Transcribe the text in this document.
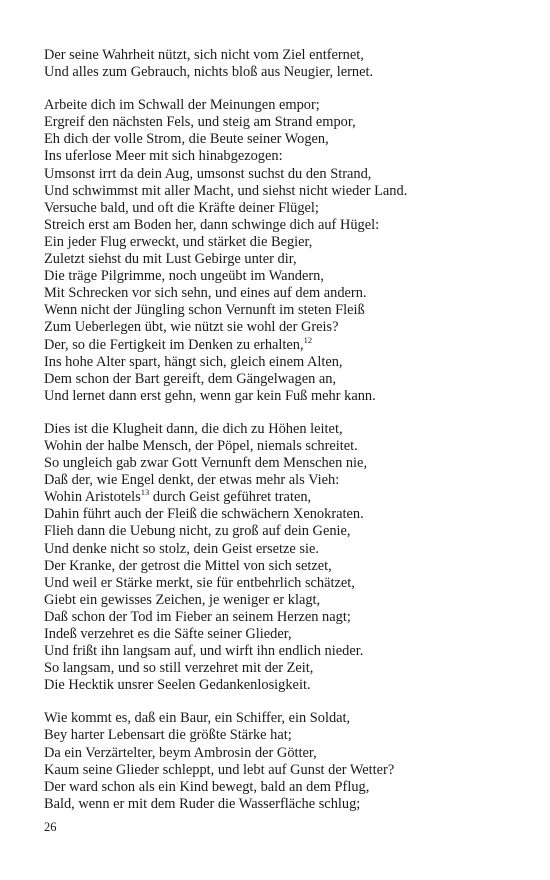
Der seine Wahrheit nützt, sich nicht vom Ziel entfernet,
Und alles zum Gebrauch, nichts bloß aus Neugier, lernet.
Arbeite dich im Schwall der Meinungen empor;
Ergreif den nächsten Fels, und steig am Strand empor,
Eh dich der volle Strom, die Beute seiner Wogen,
Ins uferlose Meer mit sich hinabgezogen:
Umsonst irrt da dein Aug, umsonst suchst du den Strand,
Und schwimmst mit aller Macht, und siehst nicht wieder Land.
Versuche bald, und oft die Kräfte deiner Flügel;
Streich erst am Boden her, dann schwinge dich auf Hügel:
Ein jeder Flug erweckt, und stärket die Begier,
Zuletzt siehst du mit Lust Gebirge unter dir,
Die träge Pilgrimme, noch ungeübt im Wandern,
Mit Schrecken vor sich sehn, und eines auf dem andern.
Wenn nicht der Jüngling schon Vernunft im steten Fleiß
Zum Ueberlegen übt, wie nützt sie wohl der Greis?
Der, so die Fertigkeit im Denken zu erhalten,$^{12}$
Ins hohe Alter spart, hängt sich, gleich einem Alten,
Dem schon der Bart gereift, dem Gängelwagen an,
Und lernet dann erst gehn, wenn gar kein Fuß mehr kann.
Dies ist die Klugheit dann, die dich zu Höhen leitet,
Wohin der halbe Mensch, der Pöpel, niemals schreitet.
So ungleich gab zwar Gott Vernunft dem Menschen nie,
Daß der, wie Engel denkt, der etwas mehr als Vieh:
Wohin Aristotels$^{13}$ durch Geist geführet traten,
Dahin führt auch der Fleiß die schwächern Xenokraten.
Flieh dann die Uebung nicht, zu groß auf dein Genie,
Und denke nicht so stolz, dein Geist ersetze sie.
Der Kranke, der getrost die Mittel von sich setzet,
Und weil er Stärke merkt, sie für entbehrlich schätzet,
Giebt ein gewisses Zeichen, je weniger er klagt,
Daß schon der Tod im Fieber an seinem Herzen nagt;
Indeß verzehret es die Säfte seiner Glieder,
Und frißt ihn langsam auf, und wirft ihn endlich nieder.
So langsam, und so still verzehret mit der Zeit,
Die Hecktik unsrer Seelen Gedankenlosigkeit.
Wie kommt es, daß ein Baur, ein Schiffer, ein Soldat,
Bey harter Lebensart die größte Stärke hat;
Da ein Verzärtelter, beym Ambrosin der Götter,
Kaum seine Glieder schleppt, und lebt auf Gunst der Wetter?
Der ward schon als ein Kind bewegt, bald an dem Pflug,
Bald, wenn er mit dem Ruder die Wasserfläche schlug;
26
